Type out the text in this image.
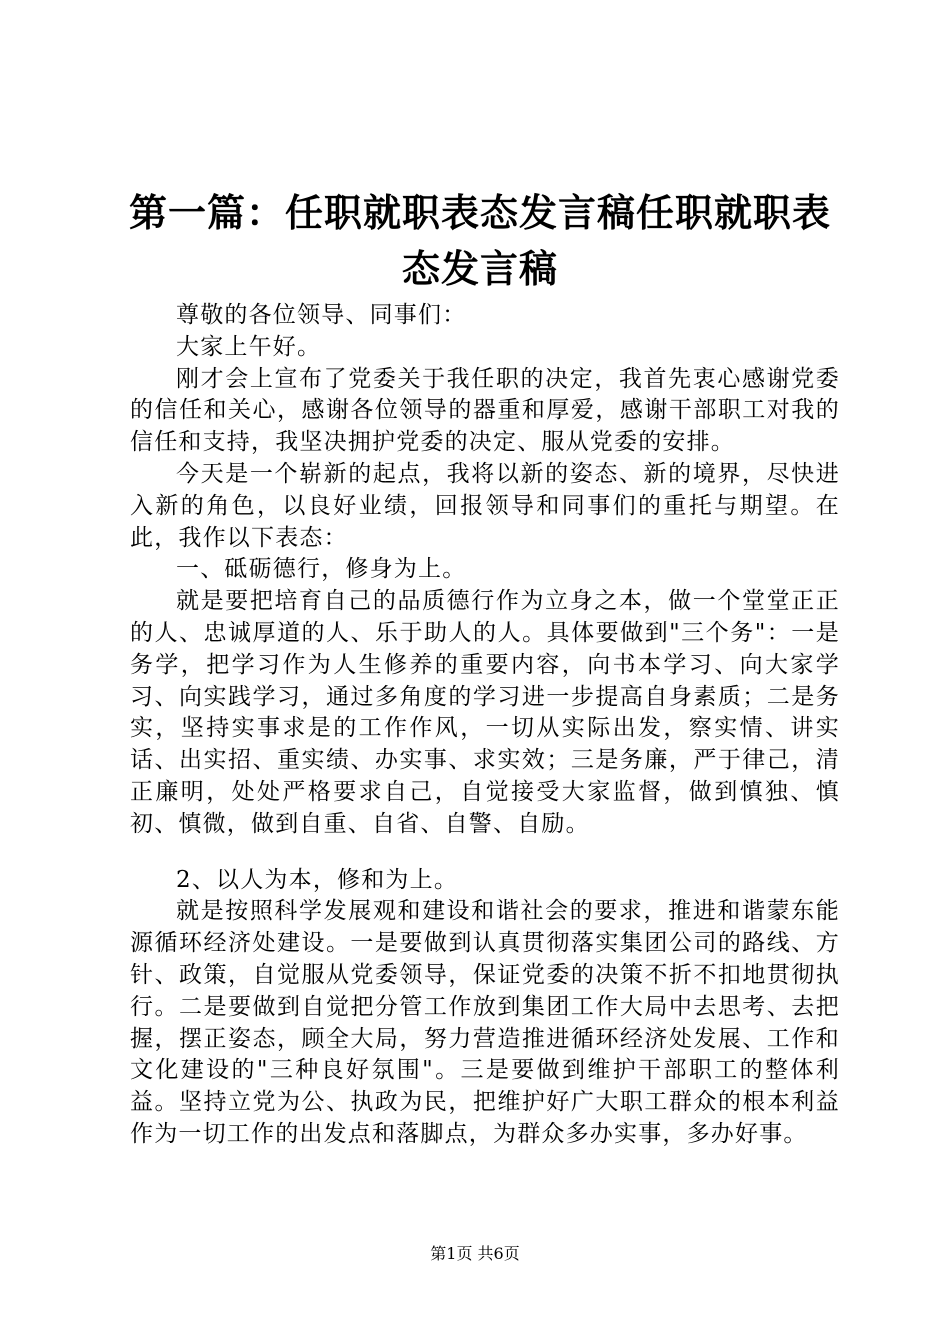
第一篇：任职就职表态发言稿任职就职表态发言稿

尊敬的各位领导、同事们：

大家上午好。

刚才会上宣布了党委关于我任职的决定，我首先衷心感谢党委的信任和关心，感谢各位领导的器重和厚爱，感谢干部职工对我的信任和支持，我坚决拥护党委的决定、服从党委的安排。

今天是一个崭新的起点，我将以新的姿态、新的境界，尽快进入新的角色，以良好业绩，回报领导和同事们的重托与期望。在此，我作以下表态：

一、砥砺德行，修身为上。

就是要把培育自己的品质德行作为立身之本，做一个堂堂正正的人、忠诚厚道的人、乐于助人的人。具体要做到"三个务"：一是务学，把学习作为人生修养的重要内容，向书本学习、向大家学习、向实践学习，通过多角度的学习进一步提高自身素质；二是务实，坚持实事求是的工作作风，一切从实际出发，察实情、讲实话、出实招、重实绩、办实事、求实效；三是务廉，严于律己，清正廉明，处处严格要求自己，自觉接受大家监督，做到慎独、慎初、慎微，做到自重、自省、自警、自励。

2、以人为本，修和为上。

就是按照科学发展观和建设和谐社会的要求，推进和谐蒙东能源循环经济处建设。一是要做到认真贯彻落实集团公司的路线、方针、政策，自觉服从党委领导，保证党委的决策不折不扣地贯彻执行。二是要做到自觉把分管工作放到集团工作大局中去思考、去把握，摆正姿态，顾全大局，努力营造推进循环经济处发展、工作和文化建设的"三种良好氛围"。三是要做到维护干部职工的整体利益。坚持立党为公、执政为民，把维护好广大职工群众的根本利益作为一切工作的出发点和落脚点，为群众多办实事，多办好事。

第1页 共6页
